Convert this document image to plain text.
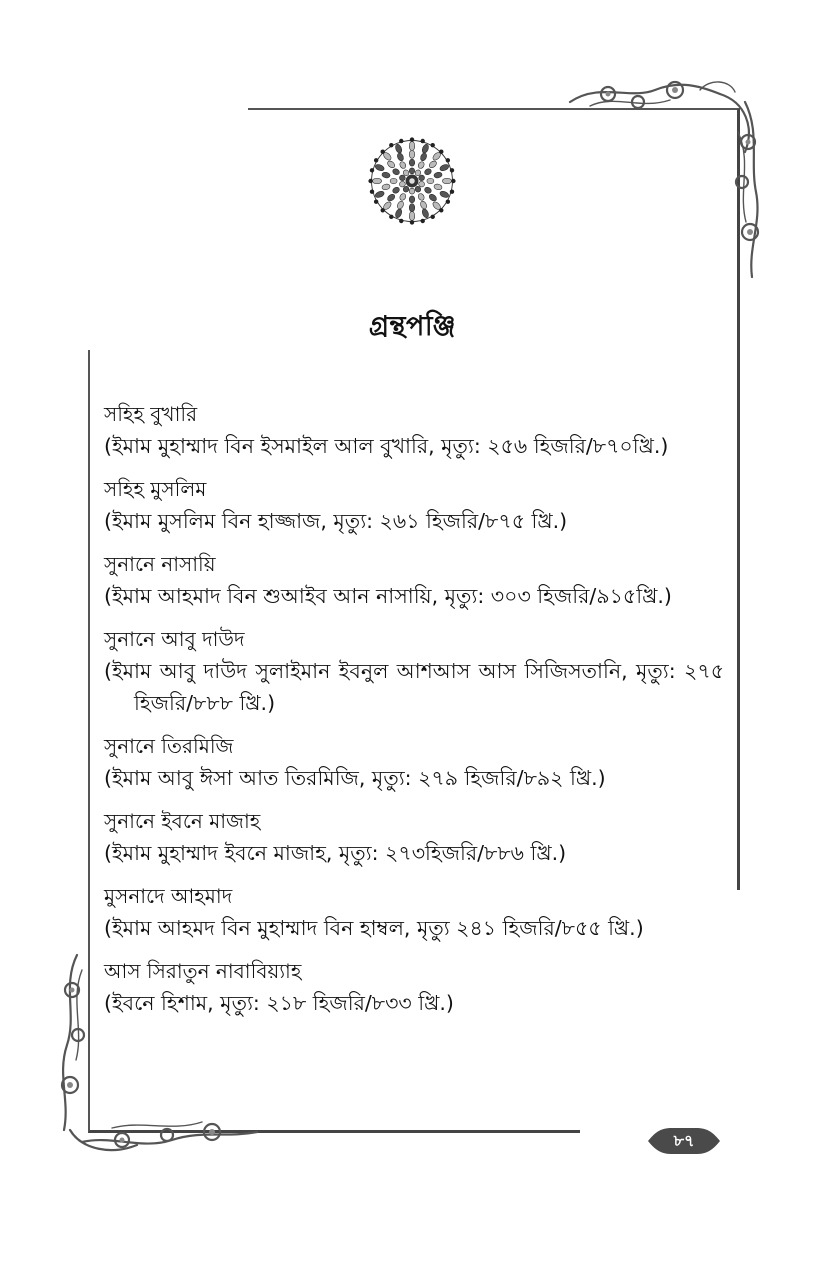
গ্রন্থপঞ্জি
সহিহ বুখারি
(ইমাম মুহাম্মাদ বিন ইসমাইল আল বুখারি, মৃত্যু: ২৫৬ হিজরি/৮৭০খ্রি.)
সহিহ মুসলিম
(ইমাম মুসলিম বিন হাজ্জাজ, মৃত্যু: ২৬১ হিজরি/৮৭৫ খ্রি.)
সুনানে নাসায়ি
(ইমাম আহমাদ বিন শুআইব আন নাসায়ি, মৃত্যু: ৩০৩ হিজরি/৯১৫খ্রি.)
সুনানে আবু দাউদ
(ইমাম আবু দাউদ সুলাইমান ইবনুল আশআস আস সিজিসতানি, মৃত্যু: ২৭৫ হিজরি/৮৮৮ খ্রি.)
সুনানে তিরমিজি
(ইমাম আবু ঈসা আত তিরমিজি, মৃত্যু: ২৭৯ হিজরি/৮৯২ খ্রি.)
সুনানে ইবনে মাজাহ
(ইমাম মুহাম্মাদ ইবনে মাজাহ, মৃত্যু: ২৭৩হিজরি/৮৮৬ খ্রি.)
মুসনাদে আহমাদ
(ইমাম আহমদ বিন মুহাম্মাদ বিন হাম্বল, মৃত্যু ২৪১ হিজরি/৮৫৫ খ্রি.)
আস সিরাতুন নাবাবিয়্যাহ
(ইবনে হিশাম, মৃত্যু: ২১৮ হিজরি/৮৩৩ খ্রি.)
৮৭
